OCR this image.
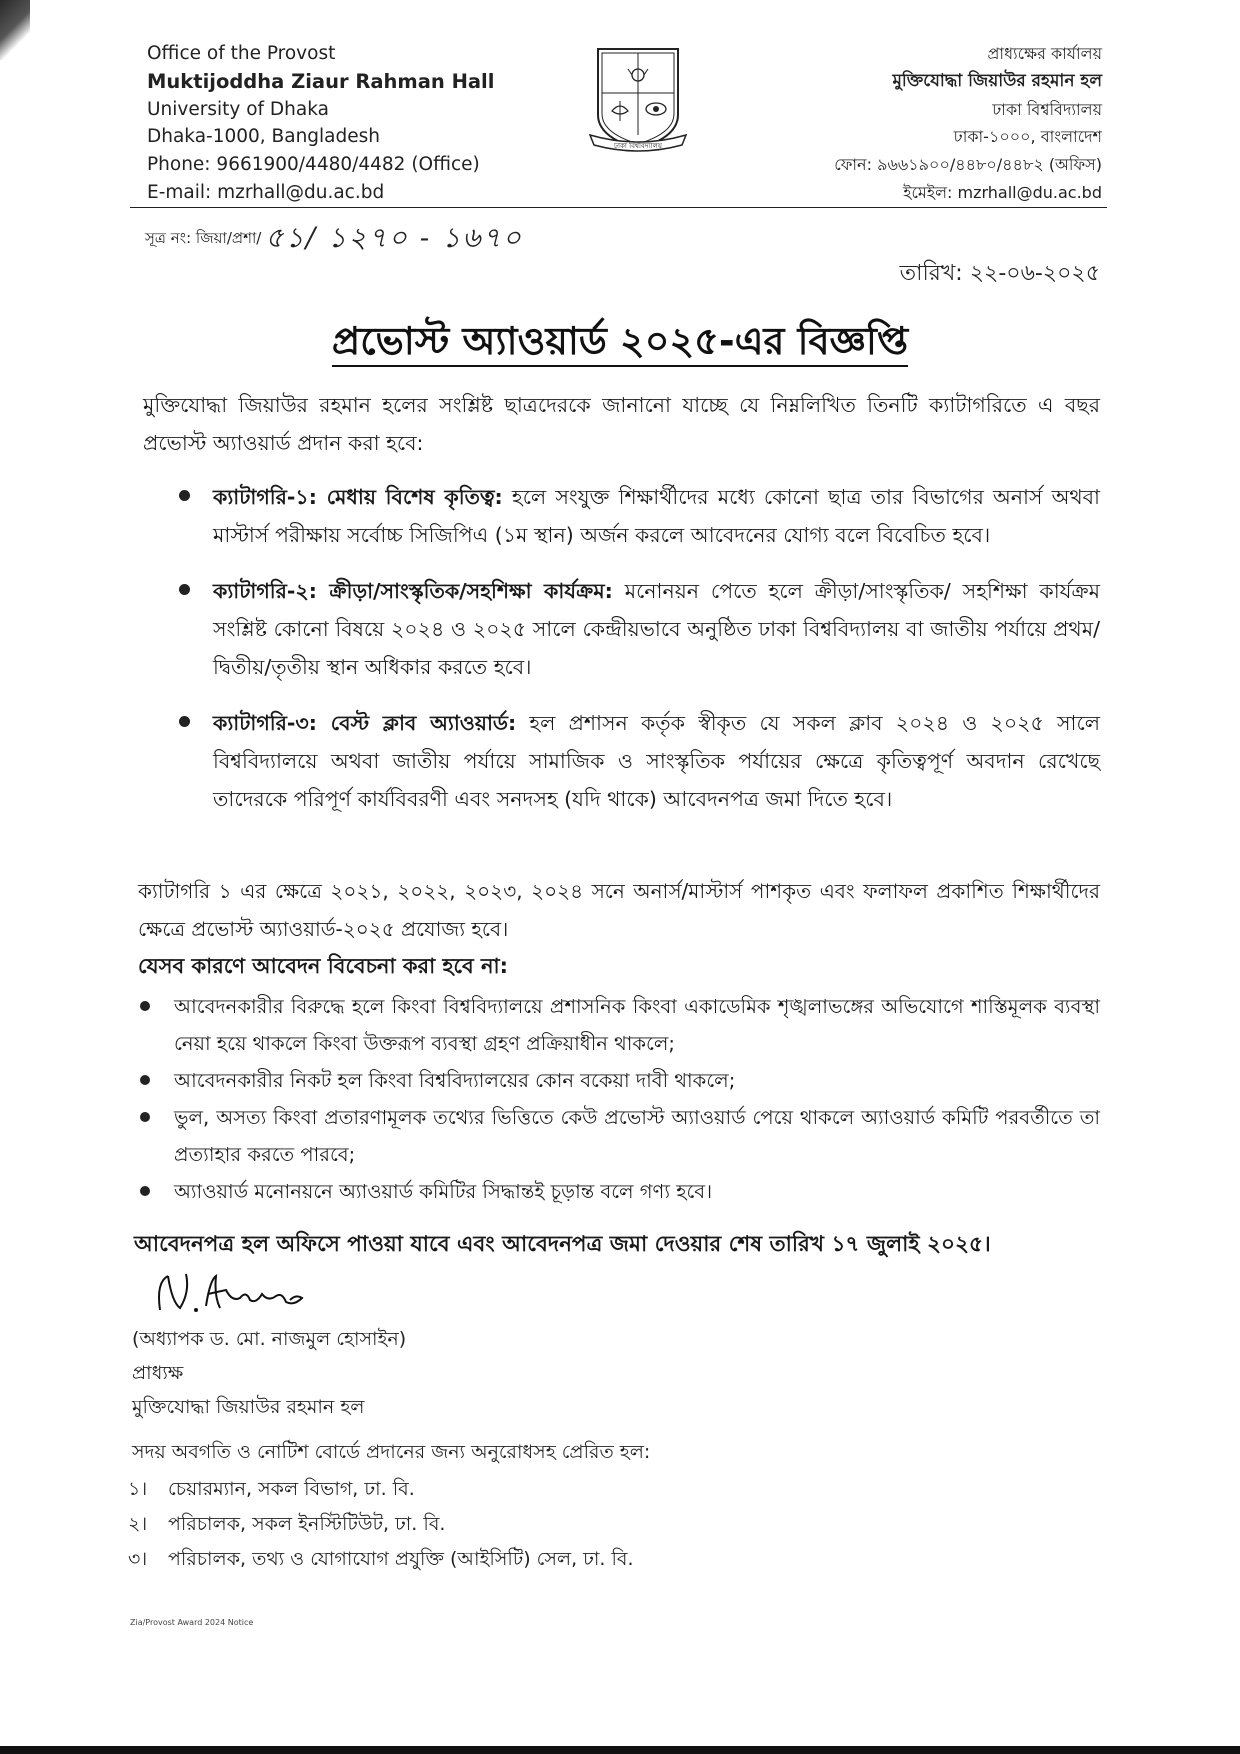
Office of the Provost
Muktijoddha Ziaur Rahman Hall
University of Dhaka
Dhaka-1000, Bangladesh
Phone: 9661900/4480/4482 (Office)
E-mail: mzrhall@du.ac.bd
ঢাকা বিশ্ববিদ্যালয়
প্রাধ্যক্ষের কার্যালয়
মুক্তিযোদ্ধা জিয়াউর রহমান হল
ঢাকা বিশ্ববিদ্যালয়
ঢাকা-১০০০, বাংলাদেশ
ফোন: ৯৬৬১৯০০/৪৪৮০/৪৪৮২ (অফিস)
ইমেইল: mzrhall@du.ac.bd
সূত্র নং: জিয়া/প্রশা/ ৫১/ ১২৭০ - ১৬৭০
তারিখ: ২২-০৬-২০২৫
প্রভোস্ট অ্যাওয়ার্ড ২০২৫-এর বিজ্ঞপ্তি
মুক্তিযোদ্ধা জিয়াউর রহমান হলের সংশ্লিষ্ট ছাত্রদেরকে জানানো যাচ্ছে যে নিম্নলিখিত তিনটি ক্যাটাগরিতে এ বছর প্রভোস্ট অ্যাওয়ার্ড প্রদান করা হবে:
ক্যাটাগরি-১: মেধায় বিশেষ কৃতিত্ব: হলে সংযুক্ত শিক্ষার্থীদের মধ্যে কোনো ছাত্র তার বিভাগের অনার্স অথবা মাস্টার্স পরীক্ষায় সর্বোচ্চ সিজিপিএ (১ম স্থান) অর্জন করলে আবেদনের যোগ্য বলে বিবেচিত হবে।
ক্যাটাগরি-২: ক্রীড়া/সাংস্কৃতিক/সহশিক্ষা কার্যক্রম: মনোনয়ন পেতে হলে ক্রীড়া/সাংস্কৃতিক/ সহশিক্ষা কার্যক্রম সংশ্লিষ্ট কোনো বিষয়ে ২০২৪ ও ২০২৫ সালে কেন্দ্রীয়ভাবে অনুষ্ঠিত ঢাকা বিশ্ববিদ্যালয় বা জাতীয় পর্যায়ে প্রথম/দ্বিতীয়/তৃতীয় স্থান অধিকার করতে হবে।
ক্যাটাগরি-৩: বেস্ট ক্লাব অ্যাওয়ার্ড: হল প্রশাসন কর্তৃক স্বীকৃত যে সকল ক্লাব ২০২৪ ও ২০২৫ সালে বিশ্ববিদ্যালয়ে অথবা জাতীয় পর্যায়ে সামাজিক ও সাংস্কৃতিক পর্যায়ের ক্ষেত্রে কৃতিত্বপূর্ণ অবদান রেখেছে তাদেরকে পরিপূর্ণ কার্যবিবরণী এবং সনদসহ (যদি থাকে) আবেদনপত্র জমা দিতে হবে।
ক্যাটাগরি ১ এর ক্ষেত্রে ২০২১, ২০২২, ২০২৩, ২০২৪ সনে অনার্স/মাস্টার্স পাশকৃত এবং ফলাফল প্রকাশিত শিক্ষার্থীদের ক্ষেত্রে প্রভোস্ট অ্যাওয়ার্ড-২০২৫ প্রযোজ্য হবে।
যেসব কারণে আবেদন বিবেচনা করা হবে না:
আবেদনকারীর বিরুদ্ধে হলে কিংবা বিশ্ববিদ্যালয়ে প্রশাসনিক কিংবা একাডেমিক শৃঙ্খলাভঙ্গের অভিযোগে শাস্তিমূলক ব্যবস্থা নেয়া হয়ে থাকলে কিংবা উক্তরূপ ব্যবস্থা গ্রহণ প্রক্রিয়াধীন থাকলে;
আবেদনকারীর নিকট হল কিংবা বিশ্ববিদ্যালয়ের কোন বকেয়া দাবী থাকলে;
ভুল, অসত্য কিংবা প্রতারণামূলক তথ্যের ভিত্তিতে কেউ প্রভোস্ট অ্যাওয়ার্ড পেয়ে থাকলে অ্যাওয়ার্ড কমিটি পরবর্তীতে তা প্রত্যাহার করতে পারবে;
অ্যাওয়ার্ড মনোনয়নে অ্যাওয়ার্ড কমিটির সিদ্ধান্তই চূড়ান্ত বলে গণ্য হবে।
আবেদনপত্র হল অফিসে পাওয়া যাবে এবং আবেদনপত্র জমা দেওয়ার শেষ তারিখ ১৭ জুলাই ২০২৫।
(অধ্যাপক ড. মো. নাজমুল হোসাইন)
প্রাধ্যক্ষ
মুক্তিযোদ্ধা জিয়াউর রহমান হল
সদয় অবগতি ও নোটিশ বোর্ডে প্রদানের জন্য অনুরোধসহ প্রেরিত হল:
১। চেয়ারম্যান, সকল বিভাগ, ঢা. বি.
২। পরিচালক, সকল ইনস্টিটিউট, ঢা. বি.
৩। পরিচালক, তথ্য ও যোগাযোগ প্রযুক্তি (আইসিটি) সেল, ঢা. বি.
Zia/Provost Award 2024 Notice
